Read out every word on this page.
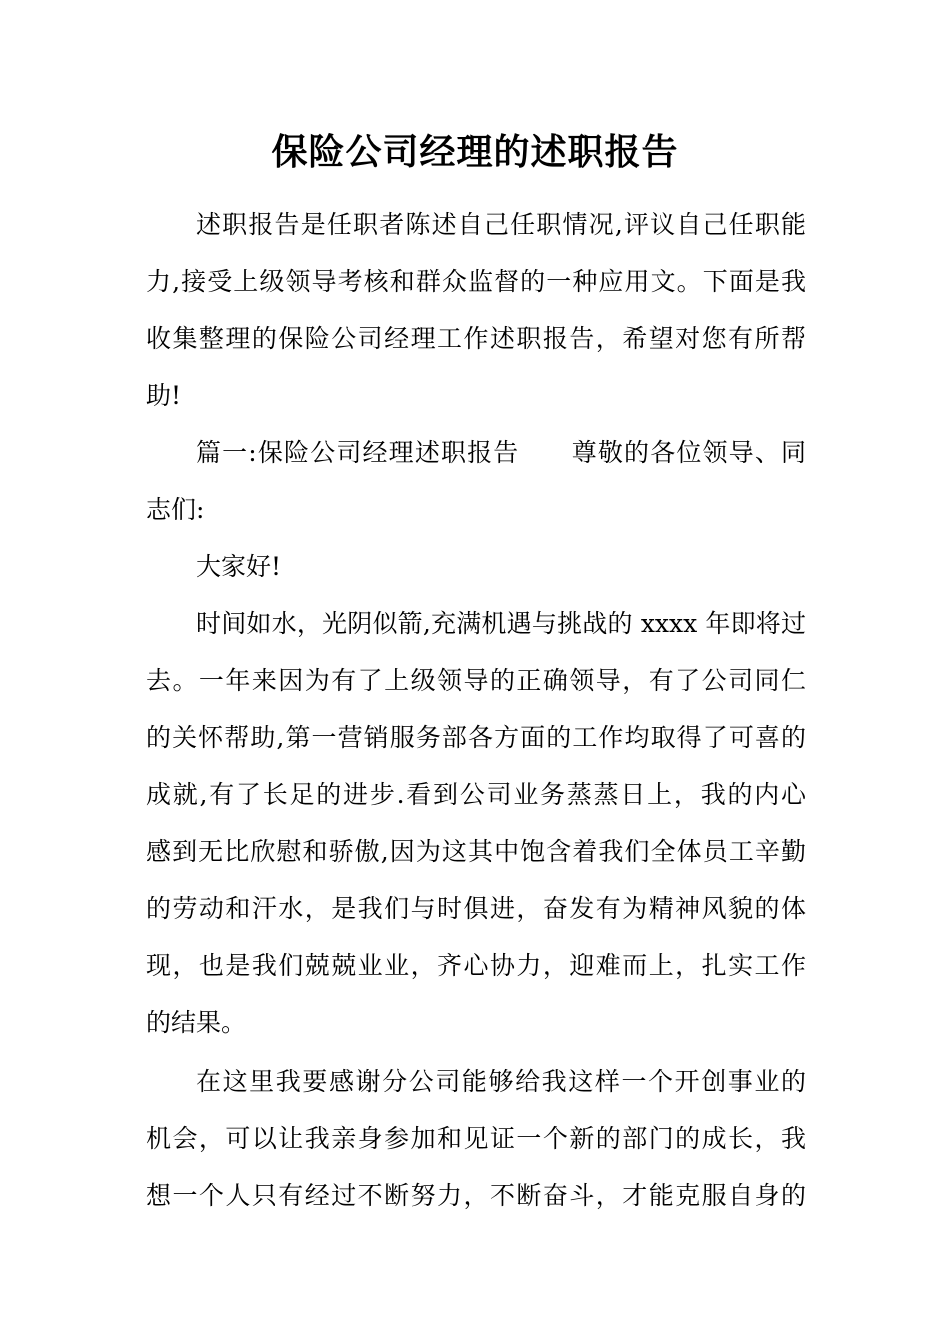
保险公司经理的述职报告

述职报告是任职者陈述自己任职情况,评议自己任职能

力,接受上级领导考核和群众监督的一种应用文。下面是我

收集整理的保险公司经理工作述职报告，希望对您有所帮

助!

篇一:保险公司经理述职报告　　尊敬的各位领导、同

志们:

大家好!

时间如水，光阴似箭,充满机遇与挑战的 xxxx 年即将过

去。一年来因为有了上级领导的正确领导，有了公司同仁

的关怀帮助,第一营销服务部各方面的工作均取得了可喜的

成就,有了长足的进步.看到公司业务蒸蒸日上，我的内心

感到无比欣慰和骄傲,因为这其中饱含着我们全体员工辛勤

的劳动和汗水，是我们与时俱进，奋发有为精神风貌的体

现，也是我们兢兢业业，齐心协力，迎难而上，扎实工作

的结果。

在这里我要感谢分公司能够给我这样一个开创事业的

机会，可以让我亲身参加和见证一个新的部门的成长，我

想一个人只有经过不断努力，不断奋斗，才能克服自身的
